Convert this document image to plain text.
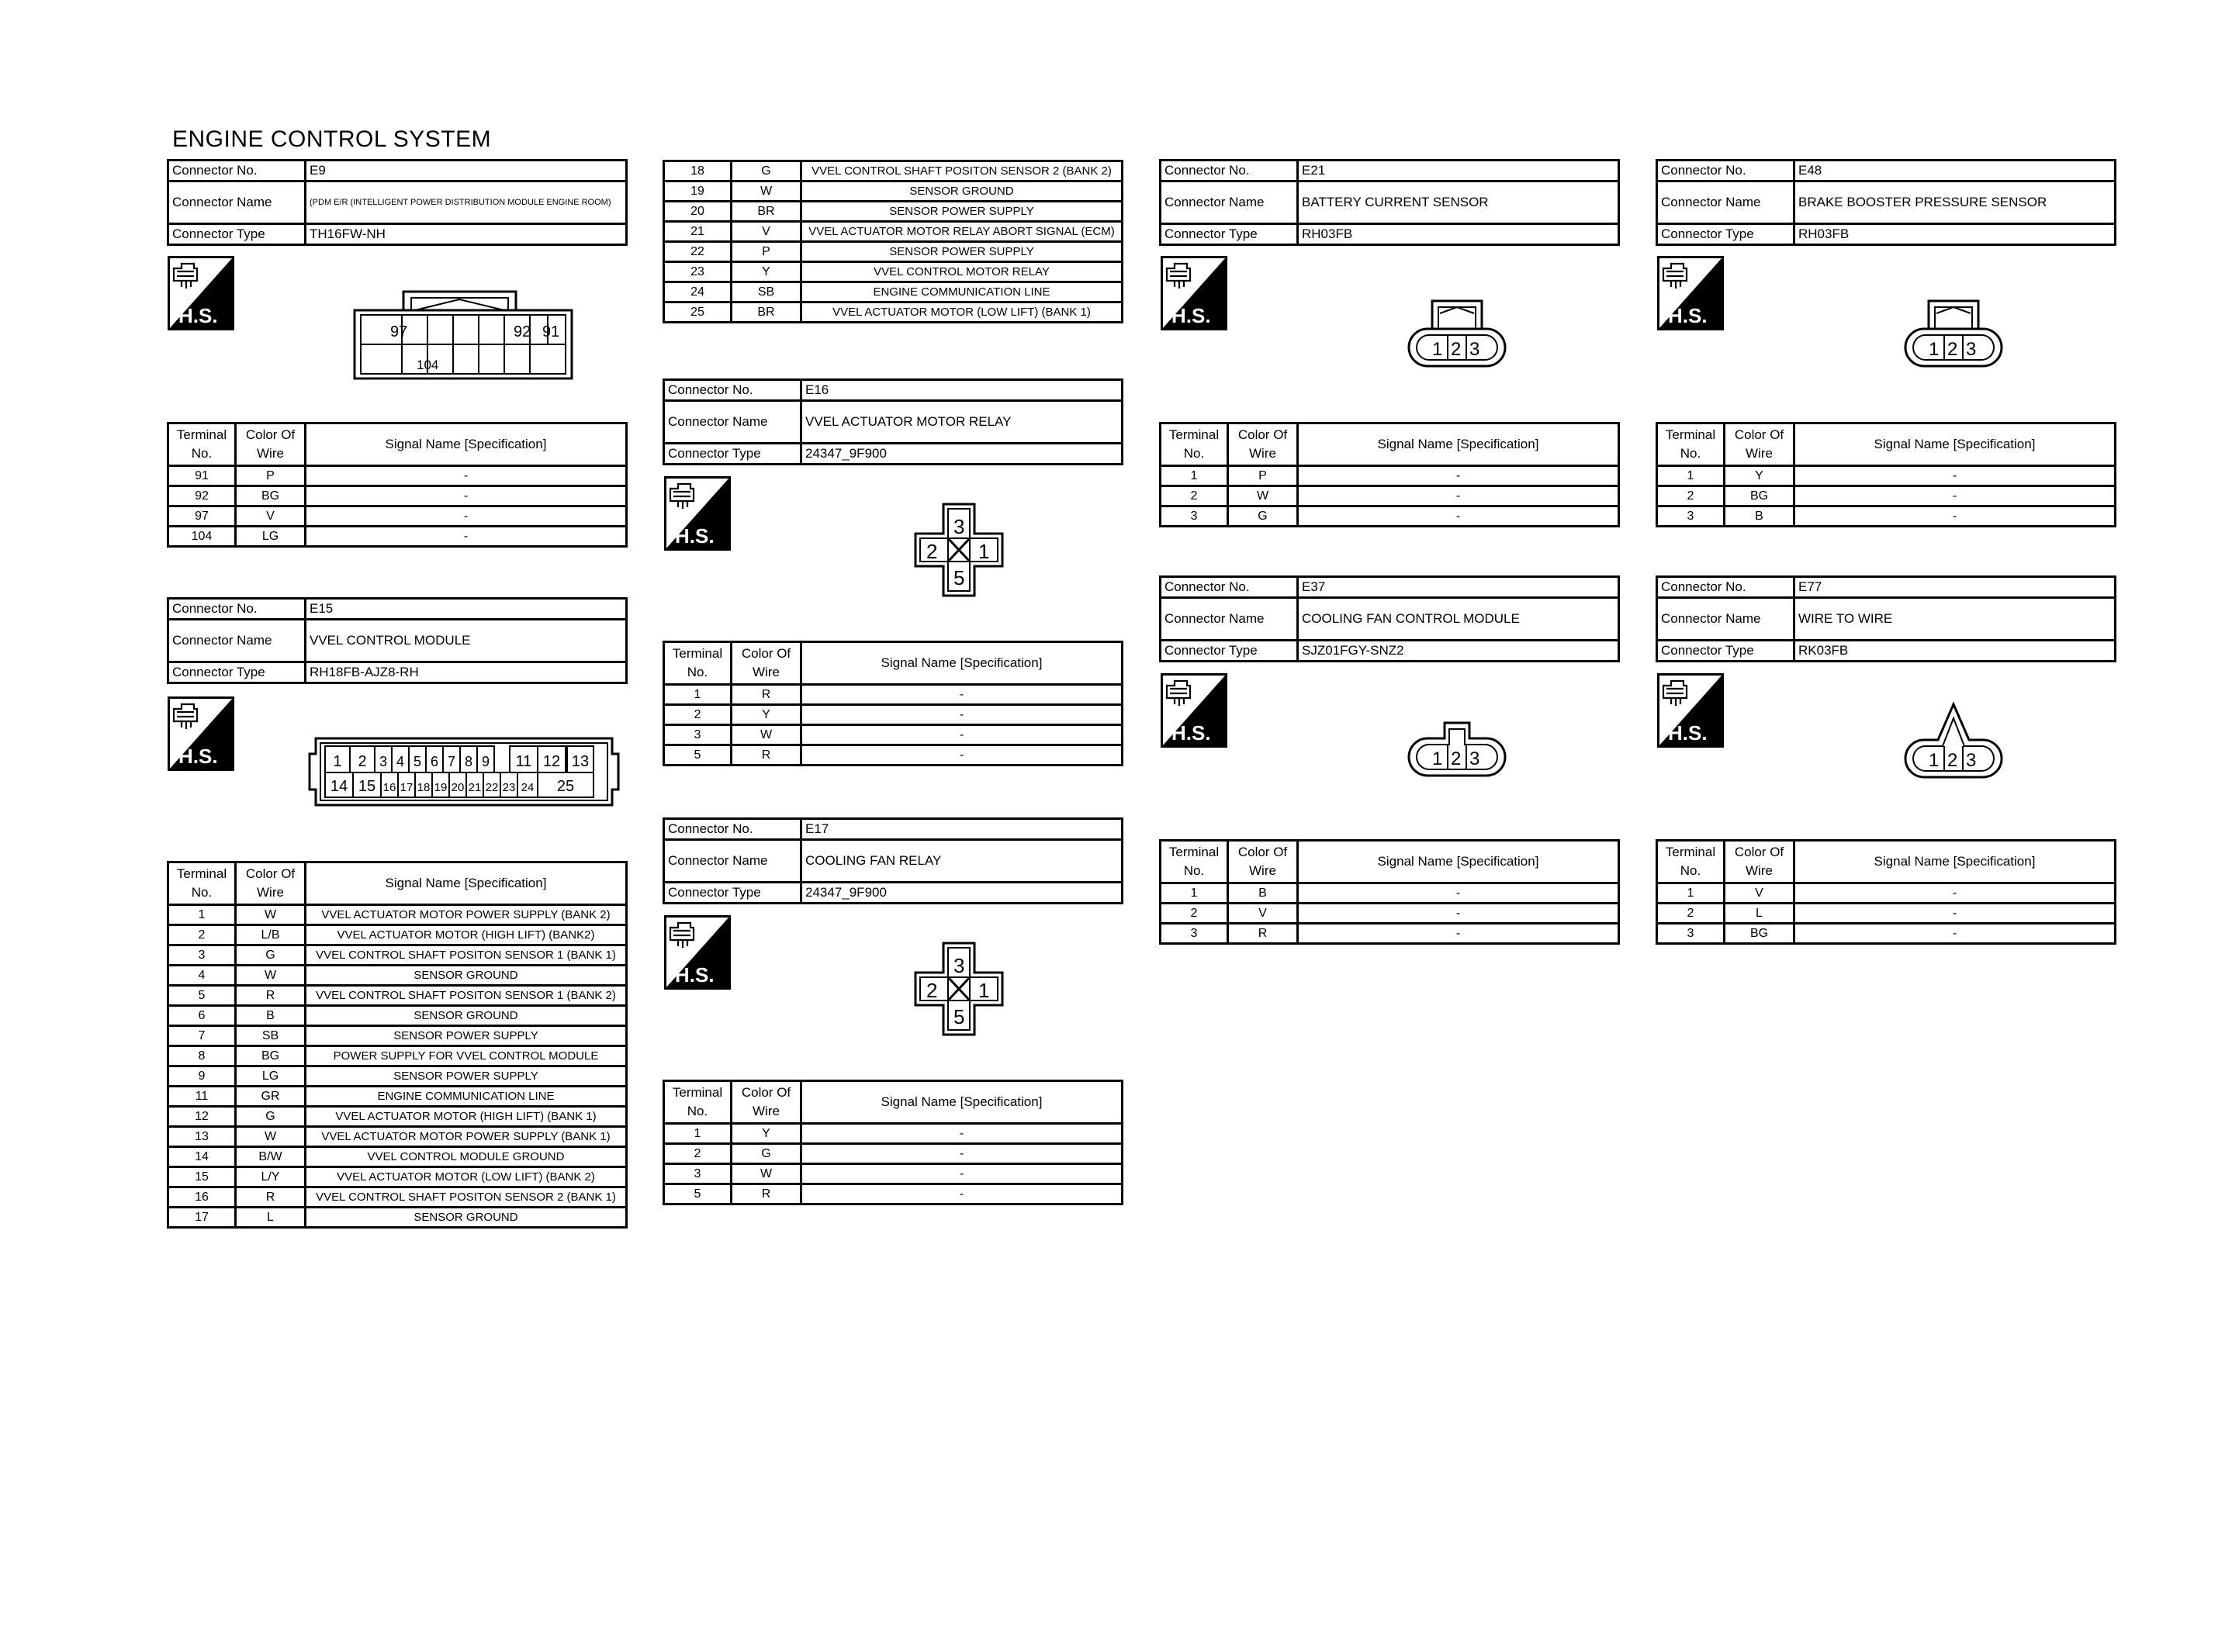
ENGINE CONTROL SYSTEM
Connector No.	E9
Connector Name	(PDM E/R (INTELLIGENT POWER DISTRIBUTION MODULE ENGINE ROOM)
Connector Type	TH16FW-NH
H.S.
97	92 91
104
Terminal No.	Color Of Wire	Signal Name [Specification]
91	P	-
92	BG	-
97	V	-
104	LG	-
Connector No.	E15
Connector Name	VVEL CONTROL MODULE
Connector Type	RH18FB-AJZ8-RH
H.S.	1 2 3 4 5 6 7 8 9 11 12 13
14 15 16 17 18 19 20 21 22 23 24 25
Terminal No.	Color Of Wire	Signal Name [Specification]
1	W	VVEL ACTUATOR MOTOR POWER SUPPLY (BANK 2)
2	L/B	VVEL ACTUATOR MOTOR (HIGH LIFT) (BANK2)
3	G	VVEL CONTROL SHAFT POSITON SENSOR 1 (BANK 1)
4	W	SENSOR GROUND
5	R	VVEL CONTROL SHAFT POSITON SENSOR 1 (BANK 2)
6	B	SENSOR GROUND
7	SB	SENSOR POWER SUPPLY
8	BG	POWER SUPPLY FOR VVEL CONTROL MODULE
9	LG	SENSOR POWER SUPPLY
11	GR	ENGINE COMMUNICATION LINE
12	G	VVEL ACTUATOR MOTOR (HIGH LIFT) (BANK 1)
13	W	VVEL ACTUATOR MOTOR POWER SUPPLY (BANK 1)
14	B/W	VVEL CONTROL MODULE GROUND
15	L/Y	VVEL ACTUATOR MOTOR (LOW LIFT) (BANK 2)
16	R	VVEL CONTROL SHAFT POSITON SENSOR 2 (BANK 1)
17	L	SENSOR GROUND
18	G	VVEL CONTROL SHAFT POSITON SENSOR 2 (BANK 2)
19	W	SENSOR GROUND
20	BR	SENSOR POWER SUPPLY
21	V	VVEL ACTUATOR MOTOR RELAY ABORT SIGNAL (ECM)
22	P	SENSOR POWER SUPPLY
23	Y	VVEL CONTROL MOTOR RELAY
24	SB	ENGINE COMMUNICATION LINE
25	BR	VVEL ACTUATOR MOTOR (LOW LIFT) (BANK 1)
Connector No.	E16
Connector Name	VVEL ACTUATOR MOTOR RELAY
Connector Type	24347_9F900
H.S.	3
2 1
5
Terminal No.	Color Of Wire	Signal Name [Specification]
1	R	-
2	Y	-
3	W	-
5	R	-
Connector No.	E17
Connector Name	COOLING FAN RELAY
Connector Type	24347_9F900
H.S.	3
2 1
5
Terminal No.	Color Of Wire	Signal Name [Specification]
1	Y	-
2	G	-
3	W	-
5	R	-
Connector No.	E21
Connector Name	BATTERY CURRENT SENSOR
Connector Type	RH03FB
H.S.
1 2 3
Terminal No.	Color Of Wire	Signal Name [Specification]
1	P	-
2	W	-
3	G	-
Connector No.	E48
Connector Name	BRAKE BOOSTER PRESSURE SENSOR
Connector Type	RH03FB
H.S.
1 2 3
Terminal No.	Color Of Wire	Signal Name [Specification]
1	Y	-
2	BG	-
3	B	-
Connector No.	E37
Connector Name	COOLING FAN CONTROL MODULE
Connector Type	SJZ01FGY-SNZ2
H.S.
1 2 3
Terminal No.	Color Of Wire	Signal Name [Specification]
1	B	-
2	V	-
3	R	-
Connector No.	E77
Connector Name	WIRE TO WIRE
Connector Type	RK03FB
H.S.
1 2 3
Terminal No.	Color Of Wire	Signal Name [Specification]
1	V	-
2	L	-
3	BG	-
